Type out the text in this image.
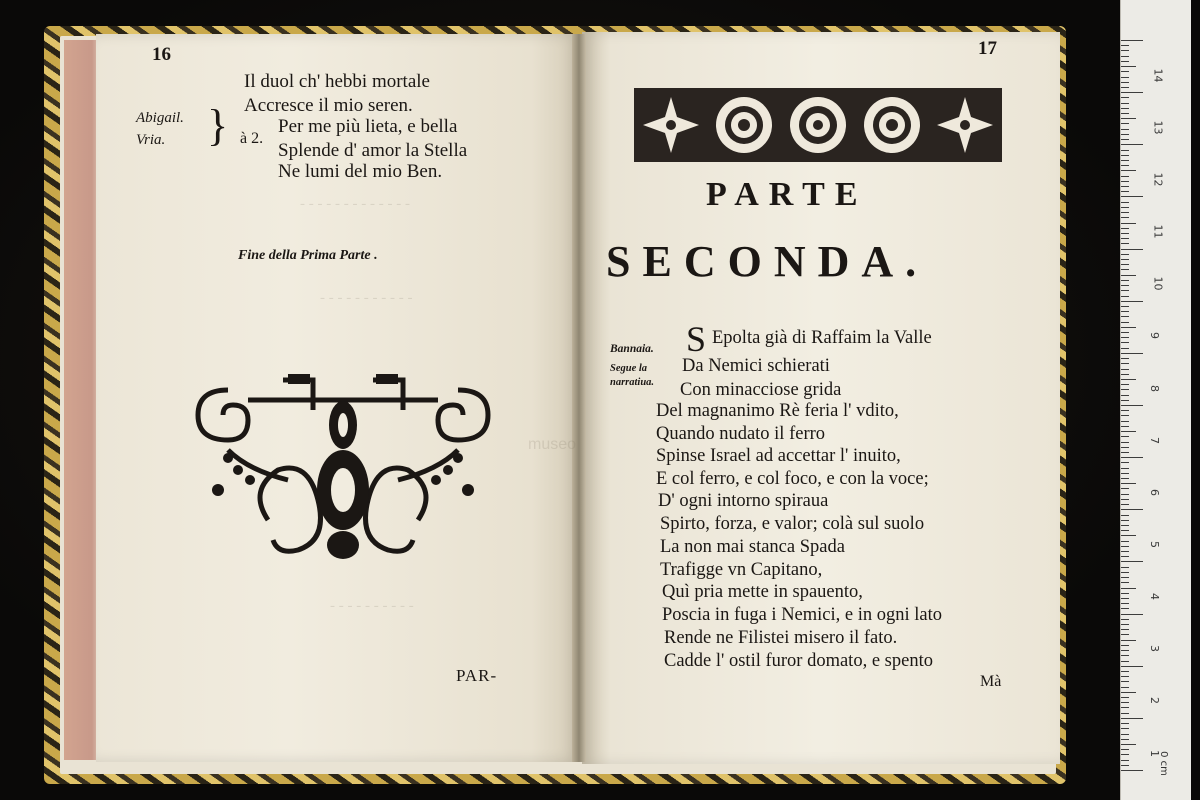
- - - - - - - - - - - - -
- - - - - - - - - - -
- - - - - - - - - -
museo
16
Il duol ch' hebbi mortale
Accresce il mio seren.
Abigail.
Vria. } à 2.
Per me più lieta, e bella
Splende d' amor la Stella
Ne lumi del mio Ben.
Fine della Prima Parte .
PAR-
17
PARTE
SECONDA.
Bannaia.
Segue la
narratiua.
S Epolta già di Raffaim la Valle
Da Nemici schierati
Con minacciose grida
Del magnanimo Rè feria l' vdito,
Quando nudato il ferro
Spinse Israel ad accettar l' inuito,
E col ferro, e col foco, e con la voce;
D' ogni intorno spiraua
Spirto, forza, e valor; colà sul suolo
La non mai stanca Spada
Trafigge vn Capitano,
Quì pria mette in spauento,
Poscia in fuga i Nemici, e in ogni lato
Rende ne Filistei misero il fato.
Cadde l' ostil furor domato, e spento
Mà
14
13
12
11
10
9
8
7
6
5
4
3
2
1
0 cm
